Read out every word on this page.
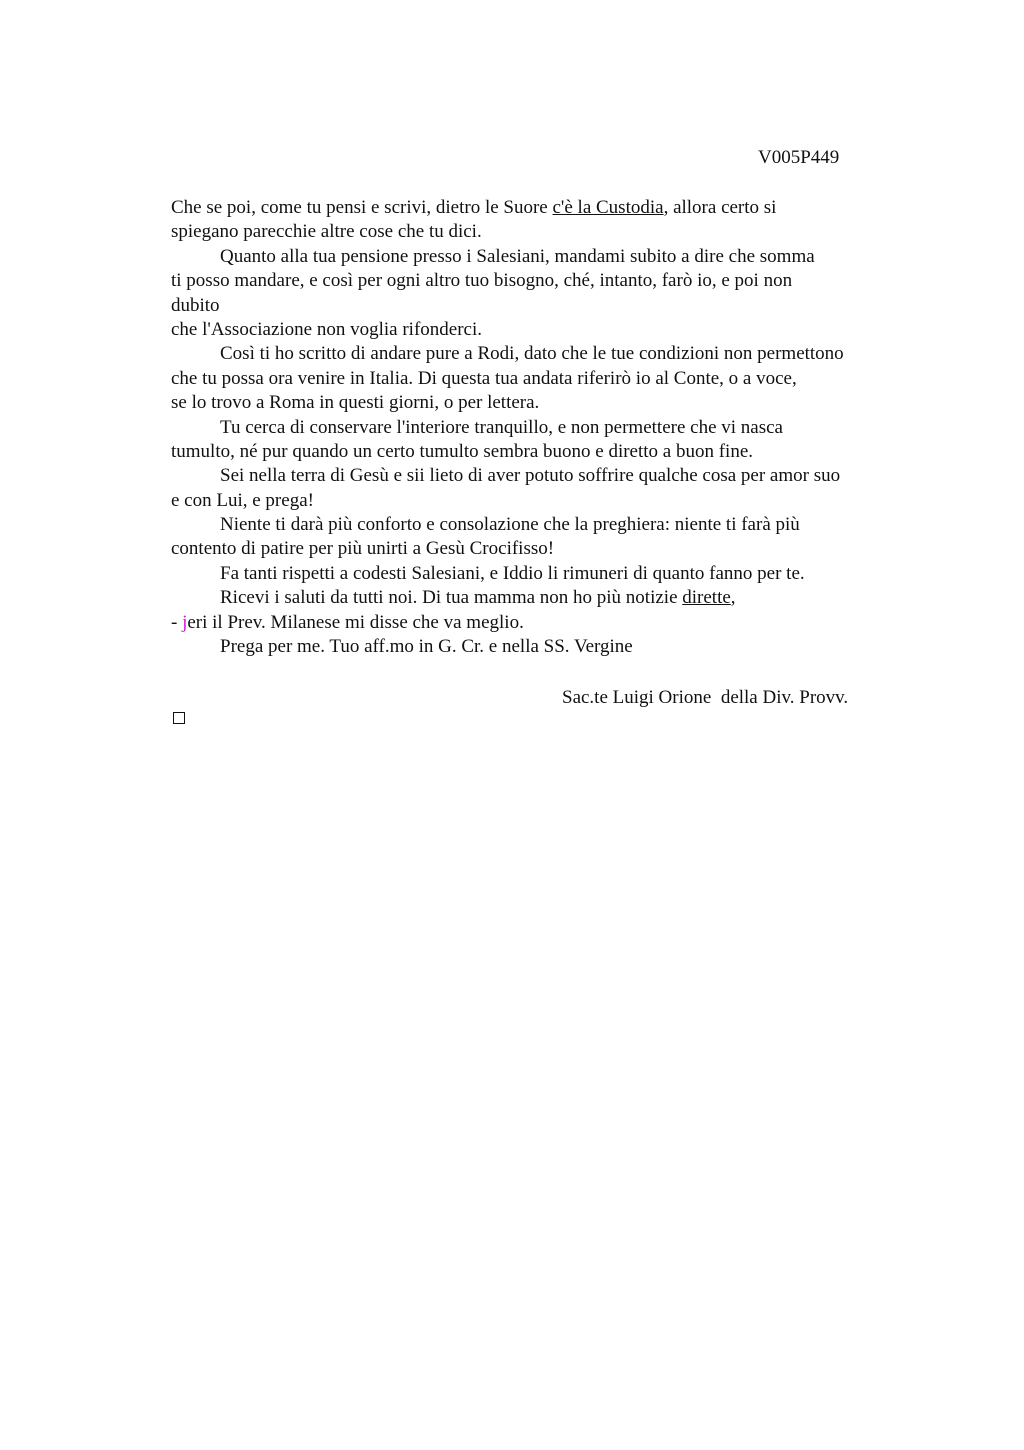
V005P449
Che se poi, come tu pensi e scrivi, dietro le Suore c'è la Custodia, allora certo si
spiegano parecchie altre cose che tu dici.
Quanto alla tua pensione presso i Salesiani, mandami subito a dire che somma
ti posso mandare, e così per ogni altro tuo bisogno, ché, intanto, farò io, e poi non
dubito
che l'Associazione non voglia rifonderci.
Così ti ho scritto di andare pure a Rodi, dato che le tue condizioni non permettono
che tu possa ora venire in Italia. Di questa tua andata riferirò io al Conte, o a voce,
se lo trovo a Roma in questi giorni, o per lettera.
Tu cerca di conservare l'interiore tranquillo, e non permettere che vi nasca
tumulto, né pur quando un certo tumulto sembra buono e diretto a buon fine.
Sei nella terra di Gesù e sii lieto di aver potuto soffrire qualche cosa per amor suo
e con Lui, e prega!
Niente ti darà più conforto e consolazione che la preghiera: niente ti farà più
contento di patire per più unirti a Gesù Crocifisso!
Fa tanti rispetti a codesti Salesiani, e Iddio li rimuneri di quanto fanno per te.
Ricevi i saluti da tutti noi. Di tua mamma non ho più notizie dirette,
- jeri il Prev. Milanese mi disse che va meglio.
Prega per me. Tuo aff.mo in G. Cr. e nella SS. Vergine
Sac.te Luigi Orione  della Div. Provv.
